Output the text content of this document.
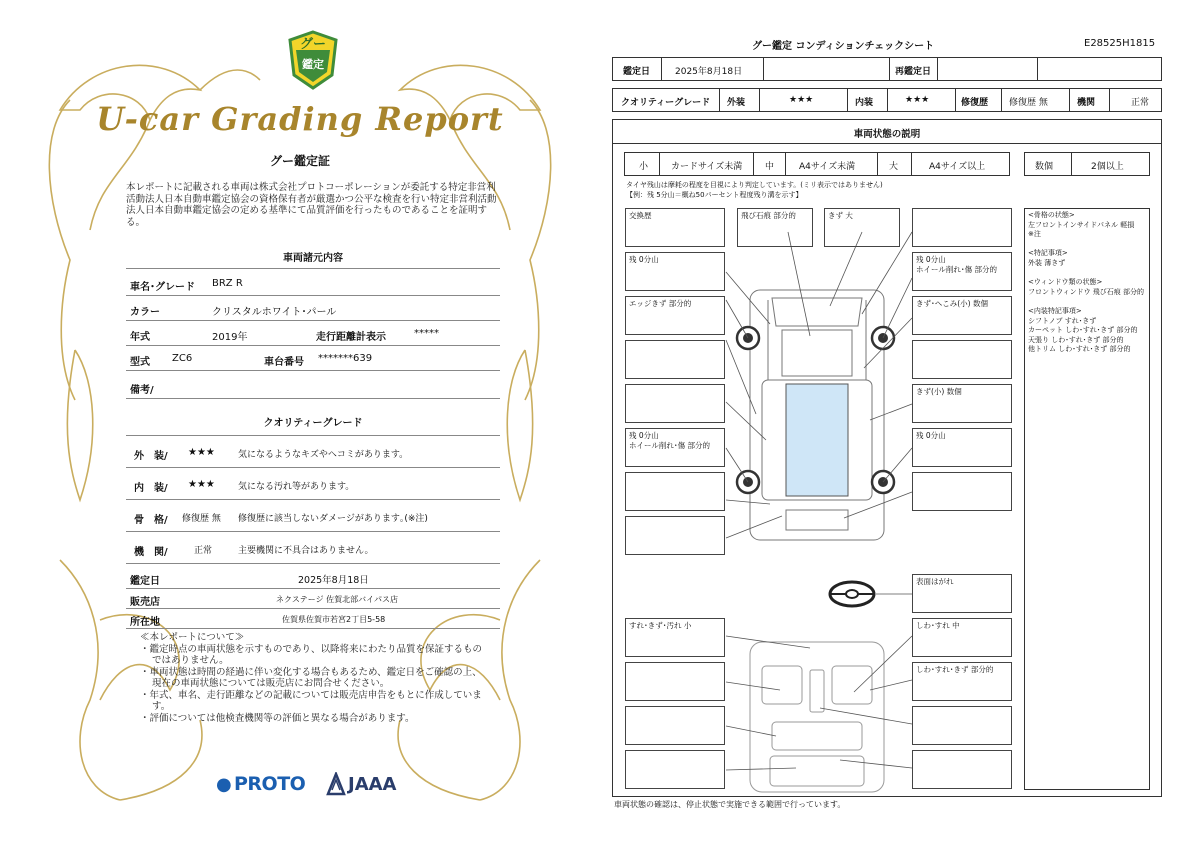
グー
鑑定
U-car Grading Report
グー鑑定証
本レポートに記載される車両は株式会社プロトコーポレーションが委託する特定非営利活動法人日本自動車鑑定協会の資格保有者が厳選かつ公平な検査を行い特定非営利活動法人日本自動車鑑定協会の定める基準にて品質評価を行ったものであることを証明する。
車両諸元内容
車名･グレード BRZ R
カラー	クリスタルホワイト･パール
年式	2019年	走行距離計表示	*****
型式 ZC6	車台番号 *******639
備考/
クオリティーグレード
外　装/ ★★★	気になるようなキズやヘコミがあります。
内　装/ ★★★	気になる汚れ等があります。
骨　格/ 修復歴 無 修復歴に該当しないダメージがあります｡(※注)
機　関/	正常	主要機関に不具合はありません。
鑑定日	2025年8月18日
販売店	ネクステージ 佐賀北部バイパス店
所在地	佐賀県佐賀市若宮2丁目5-58
≪本レポートについて≫
・鑑定時点の車両状態を示すものであり、以降将来にわたり品質を保証するものではありません。
・車両状態は時間の経過に伴い変化する場合もあるため、鑑定日をご確認の上、現在の車両状態については販売店にお問合せください。
・年式、車名、走行距離などの記載については販売店申告をもとに作成しています。
・評価については他検査機関等の評価と異なる場合があります。
● PROTO JAAA
グー鑑定 コンディションチェックシート	E28525H1815
鑑定日	2025年8月18日	再鑑定日
クオリティーグレード 外装	★★★	内装	★★★	修復歴 修復歴 無	機関	正常
車両状態の説明
小	カードサイズ未満	中	A4サイズ未満	大	A4サイズ以上	数個	2個以上
タイヤ残山は摩耗の程度を目視により判定しています。(ミリ表示ではありません)
【例：残 5分山＝概ね50パーセント程度残り溝を示す】
交換歴
残 0分山
エッジきず 部分的
残 0分山
ホイール削れ･傷 部分的
すれ･きず･汚れ 小
飛び石痕 部分的	きず 大
残 0分山
ホイール削れ･傷 部分的
きず･へこみ(小) 数個
きず(小) 数個
残 0分山
表面はがれ
しわ･すれ 中
しわ･すれ･きず 部分的
<骨格の状態>
左フロントインサイドパネル 軽損
※注

<特記事項>
外装 薄きず

<ウィンドウ類の状態>
フロントウィンドウ 飛び石痕 部分的

<内装特記事項>
シフトノブ すれ･きず
カーペット しわ･すれ･きず 部分的
天張り しわ･すれ･きず 部分的
他トリム しわ･すれ･きず 部分的
車両状態の確認は、停止状態で実施できる範囲で行っています。
